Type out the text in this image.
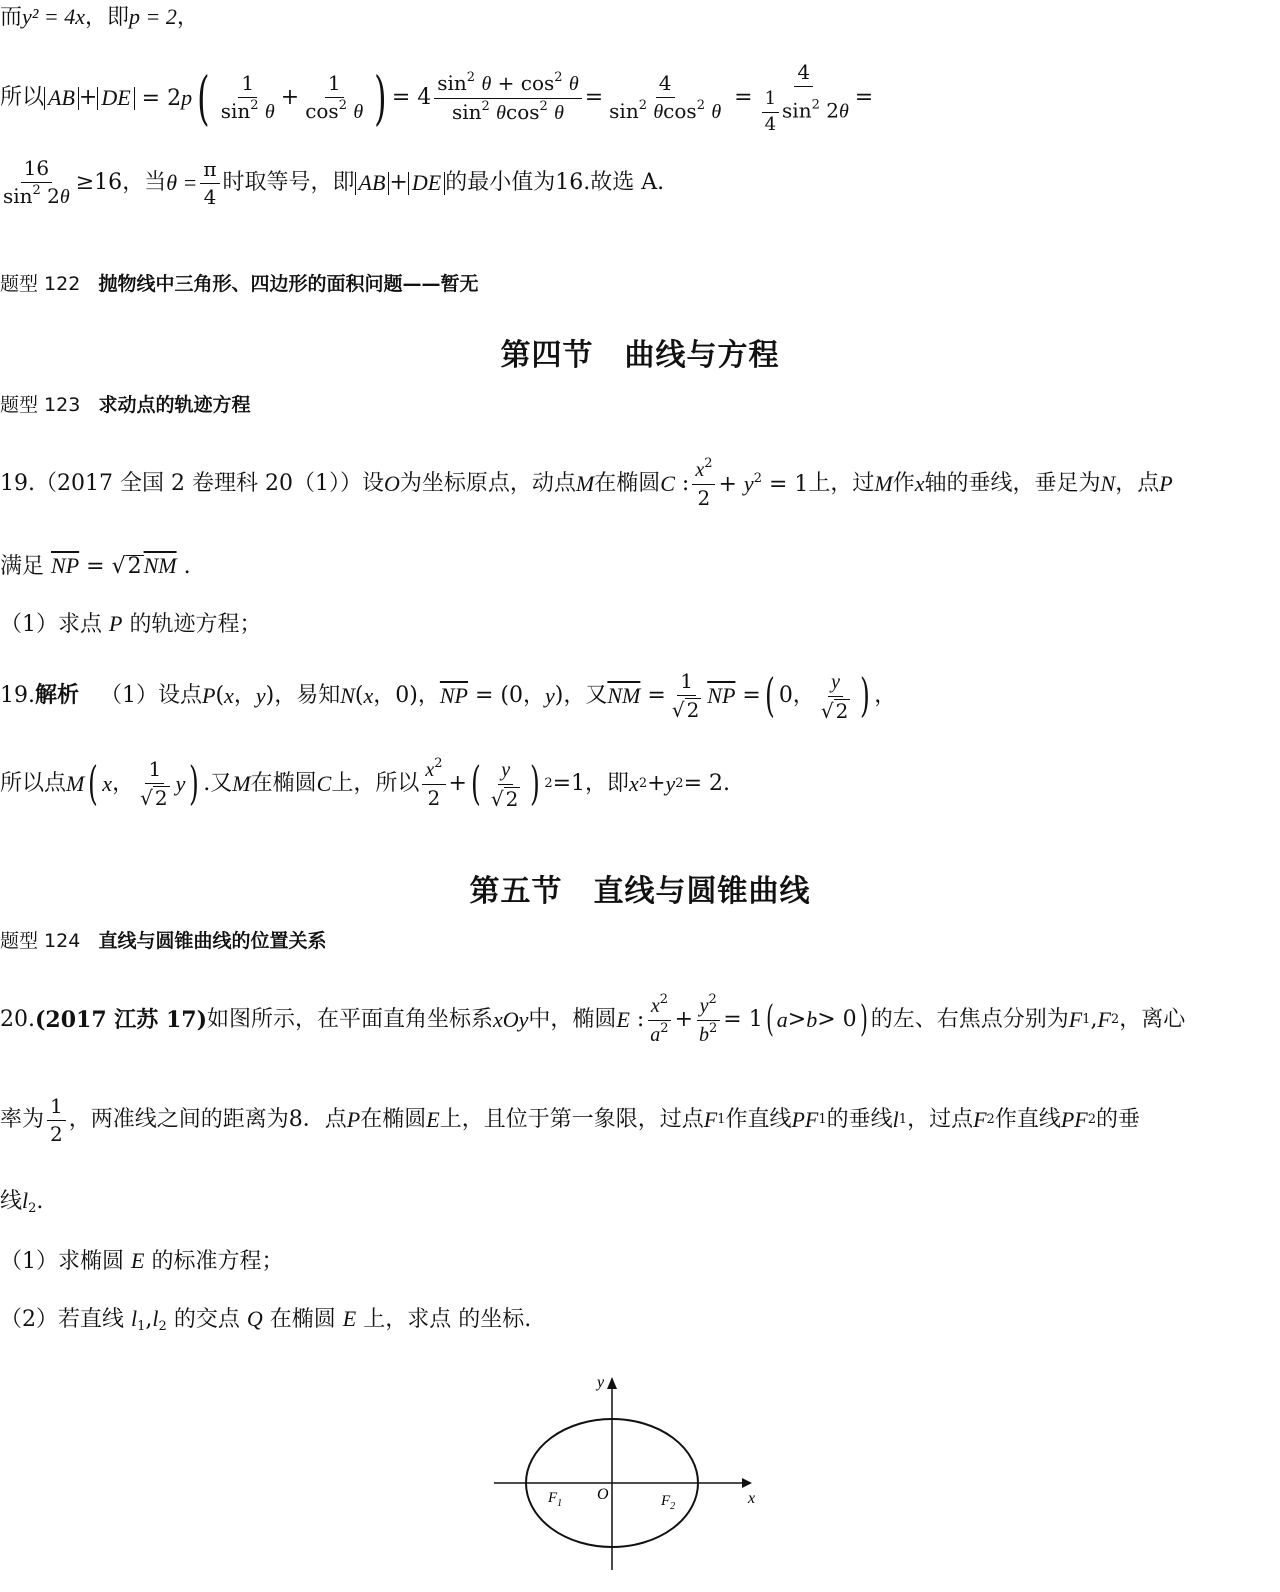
而y² = 4x，即p = 2，
所以 AB + DE = 2p ( $\frac{1}{\sin^2 \theta} + \frac{1}{\cos^2 \theta}$ ) = $4 \frac{\sin^2 \theta + \cos^2 \theta}{\sin^2 \theta\cos^2 \theta} = \frac{4}{\sin^2 \theta\cos^2 \theta} = \frac{4}{\frac{1}{4} \sin^2 2\theta}$ =
$\frac{16}{\sin^2 2\theta} \ge 16$ ，当 $\theta = \frac{\pi}{4}$ 时取等号，即 AB + DE 的最小值为 16 .故选 A.
题型 122 抛物线中三角形、四边形的面积问题——暂无
第四节　曲线与方程
题型 123 求动点的轨迹方程
19. （2017 全国 2 卷理科 20（1）） 设 O 为坐标原点，动点 M 在椭圆 C : $\frac{x^2}{2} + y^2 = 1$ 上，过 M 作 x 轴的垂线，垂足为 N ，点 P
满足 $\overline{NP} = √2\overline{NM}$ .
（1）求点 P 的轨迹方程；
19. 解析
（1）设点 P ( x ， y ) ，易知 N ( x ，0) ， $\overline{NP} = (0$， y ) ，又 $\overline{NM} = \frac{1}{√ 2} \overline{NP}$ = ( 0， $\frac{y}{√ 2}$ ) ，
所以点 M ( x ， $\frac{1}{√ 2}$ y ) .又 M 在椭圆 C 上，所以 $\frac{x^2}{2}$ + ( $\frac{y}{√ 2}$ ) 2 =1，即 x 2 + y 2 = 2 .
第五节　直线与圆锥曲线
题型 124 直线与圆锥曲线的位置关系
20. (2017 江苏 17) 如图所示，在平面直角坐标系 xOy 中，椭圆 E : $\frac{x^2}{a^2} + \frac{y^2}{b^2} = 1$ ( a > b > 0 ) 的左、右焦点分别为 F 1 , F 2 ，离心
率为 $\frac{1}{2}$ ，两准线之间的距离为 8 ．点 P 在椭圆 E 上，且位于第一象限，过点 F 1 作直线 PF 1 的垂线 l 1 ，过点 F 2 作直线 PF 2 的垂
线$l_2$.
（1）求椭圆 E 的标准方程；
（2）若直线 $l_1,l_2$ 的交点 Q 在椭圆 E 上，求点 的坐标.
y
x
O
$F_1$	$F_2$
